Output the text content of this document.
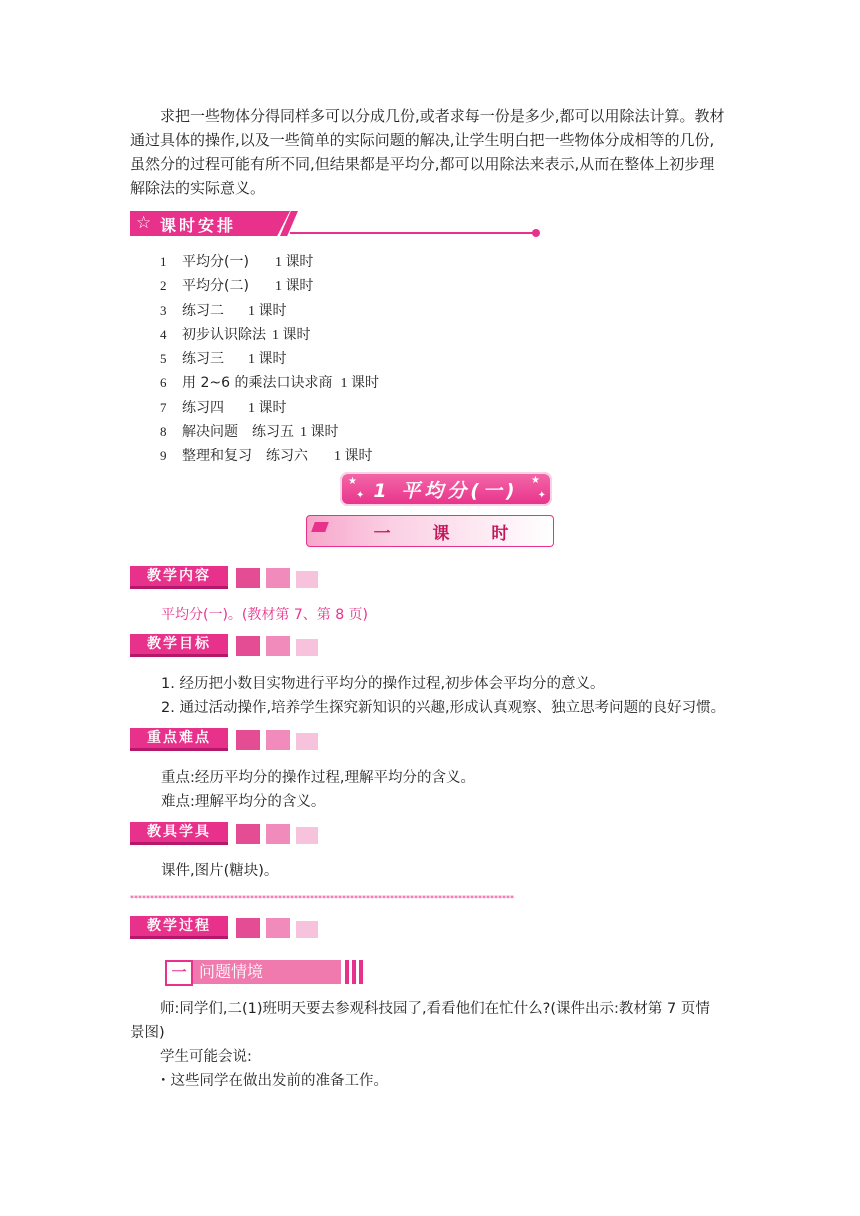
求把一些物体分得同样多可以分成几份,或者求每一份是多少,都可以用除法计算。教材

通过具体的操作,以及一些简单的实际问题的解决,让学生明白把一些物体分成相等的几份,

虽然分的过程可能有所不同,但结果都是平均分,都可以用除法来表示,从而在整体上初步理

解除法的实际意义。

☆ 课时安排
1 平均分(一) 1 课时
2 平均分(二) 1 课时
3 练习二 1 课时
4 初步认识除法 1 课时
5 练习三 1 课时
6 用 2~6 的乘法口诀求商 1 课时
7 练习四 1 课时
8 解决问题　练习五 1 课时
9 整理和复习　练习六 1 课时
★
✦
★
✦
1 平均分(一)
一 课 时
教学内容
平均分(一)。(教材第 7、第 8 页)
教学目标
1. 经历把小数目实物进行平均分的操作过程,初步体会平均分的意义。
2. 通过活动操作,培养学生探究新知识的兴趣,形成认真观察、独立思考问题的良好习惯。
重点难点
重点:经历平均分的操作过程,理解平均分的含义。
难点:理解平均分的含义。
教具学具
课件,图片(糖块)。
************************************************************************************************
教学过程
一 问题情境
师:同学们,二(1)班明天要去参观科技园了,看看他们在忙什么?(课件出示:教材第 7 页情
景图)
学生可能会说:
・这些同学在做出发前的准备工作。
